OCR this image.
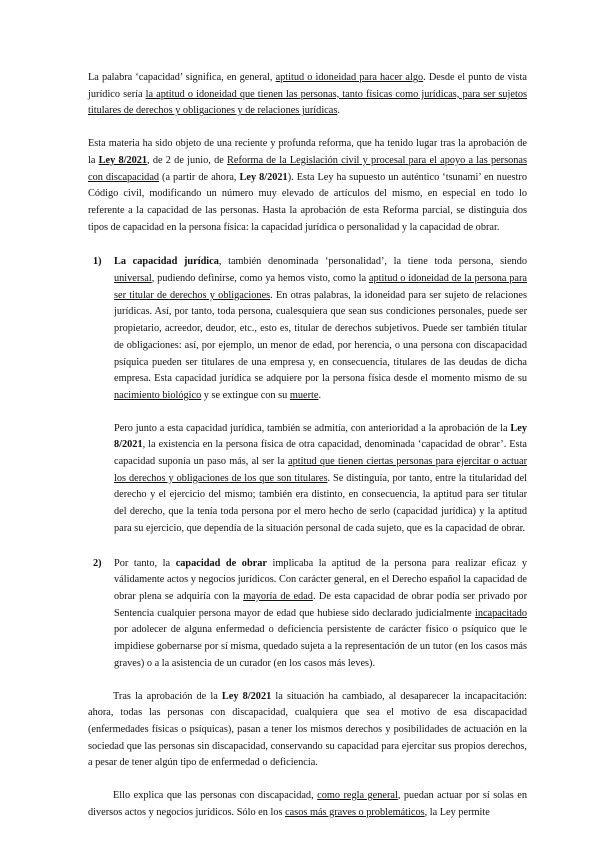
La palabra ‘capacidad’ significa, en general, aptitud o idoneidad para hacer algo. Desde el punto de vista jurídico sería la aptitud o idoneidad que tienen las personas, tanto físicas como jurídicas, para ser sujetos titulares de derechos y obligaciones y de relaciones jurídicas.

Esta materia ha sido objeto de una reciente y profunda reforma, que ha tenido lugar tras la aprobación de la Ley 8/2021, de 2 de junio, de Reforma de la Legislación civil y procesal para el apoyo a las personas con discapacidad (a partir de ahora, Ley 8/2021). Esta Ley ha supuesto un auténtico ‘tsunami’ en nuestro Código civil, modificando un número muy elevado de artículos del mismo, en especial en todo lo referente a la capacidad de las personas. Hasta la aprobación de esta Reforma parcial, se distinguía dos tipos de capacidad en la persona física: la capacidad jurídica o personalidad y la capacidad de obrar.

1) La capacidad jurídica, también denominada ‘personalidad’, la tiene toda persona, siendo universal, pudiendo definirse, como ya hemos visto, como la aptitud o idoneidad de la persona para ser titular de derechos y obligaciones. En otras palabras, la idoneidad para ser sujeto de relaciones jurídicas. Así, por tanto, toda persona, cualesquiera que sean sus condiciones personales, puede ser propietario, acreedor, deudor, etc., esto es, titular de derechos subjetivos. Puede ser también titular de obligaciones: así, por ejemplo, un menor de edad, por herencia, o una persona con discapacidad psíquica pueden ser titulares de una empresa y, en consecuencia, titulares de las deudas de dicha empresa. Esta capacidad jurídica se adquiere por la persona física desde el momento mismo de su nacimiento biológico y se extingue con su muerte.

Pero junto a esta capacidad jurídica, también se admitía, con anterioridad a la aprobación de la Ley 8/2021, la existencia en la persona física de otra capacidad, denominada ‘capacidad de obrar’. Esta capacidad suponía un paso más, al ser la aptitud que tienen ciertas personas para ejercitar o actuar los derechos y obligaciones de los que son titulares. Se distinguía, por tanto, entre la titularidad del derecho y el ejercicio del mismo; también era distinto, en consecuencia, la aptitud para ser titular del derecho, que la tenía toda persona por el mero hecho de serlo (capacidad jurídica) y la aptitud para su ejercicio, que dependía de la situación personal de cada sujeto, que es la capacidad de obrar.

2) Por tanto, la capacidad de obrar implicaba la aptitud de la persona para realizar eficaz y válidamente actos y negocios jurídicos. Con carácter general, en el Derecho español la capacidad de obrar plena se adquiría con la mayoría de edad. De esta capacidad de obrar podía ser privado por Sentencia cualquier persona mayor de edad que hubiese sido declarado judicialmente incapacitado por adolecer de alguna enfermedad o deficiencia persistente de carácter físico o psíquico que le impidiese gobernarse por sí misma, quedado sujeta a la representación de un tutor (en los casos más graves) o a la asistencia de un curador (en los casos más leves).

Tras la aprobación de la Ley 8/2021 la situación ha cambiado, al desaparecer la incapacitación: ahora, todas las personas con discapacidad, cualquiera que sea el motivo de esa discapacidad (enfermedades físicas o psíquicas), pasan a tener los mismos derechos y posibilidades de actuación en la sociedad que las personas sin discapacidad, conservando su capacidad para ejercitar sus propios derechos, a pesar de tener algún tipo de enfermedad o deficiencia.

Ello explica que las personas con discapacidad, como regla general, puedan actuar por sí solas en diversos actos y negocios jurídicos. Sólo en los casos más graves o problemáticos, la Ley permite
